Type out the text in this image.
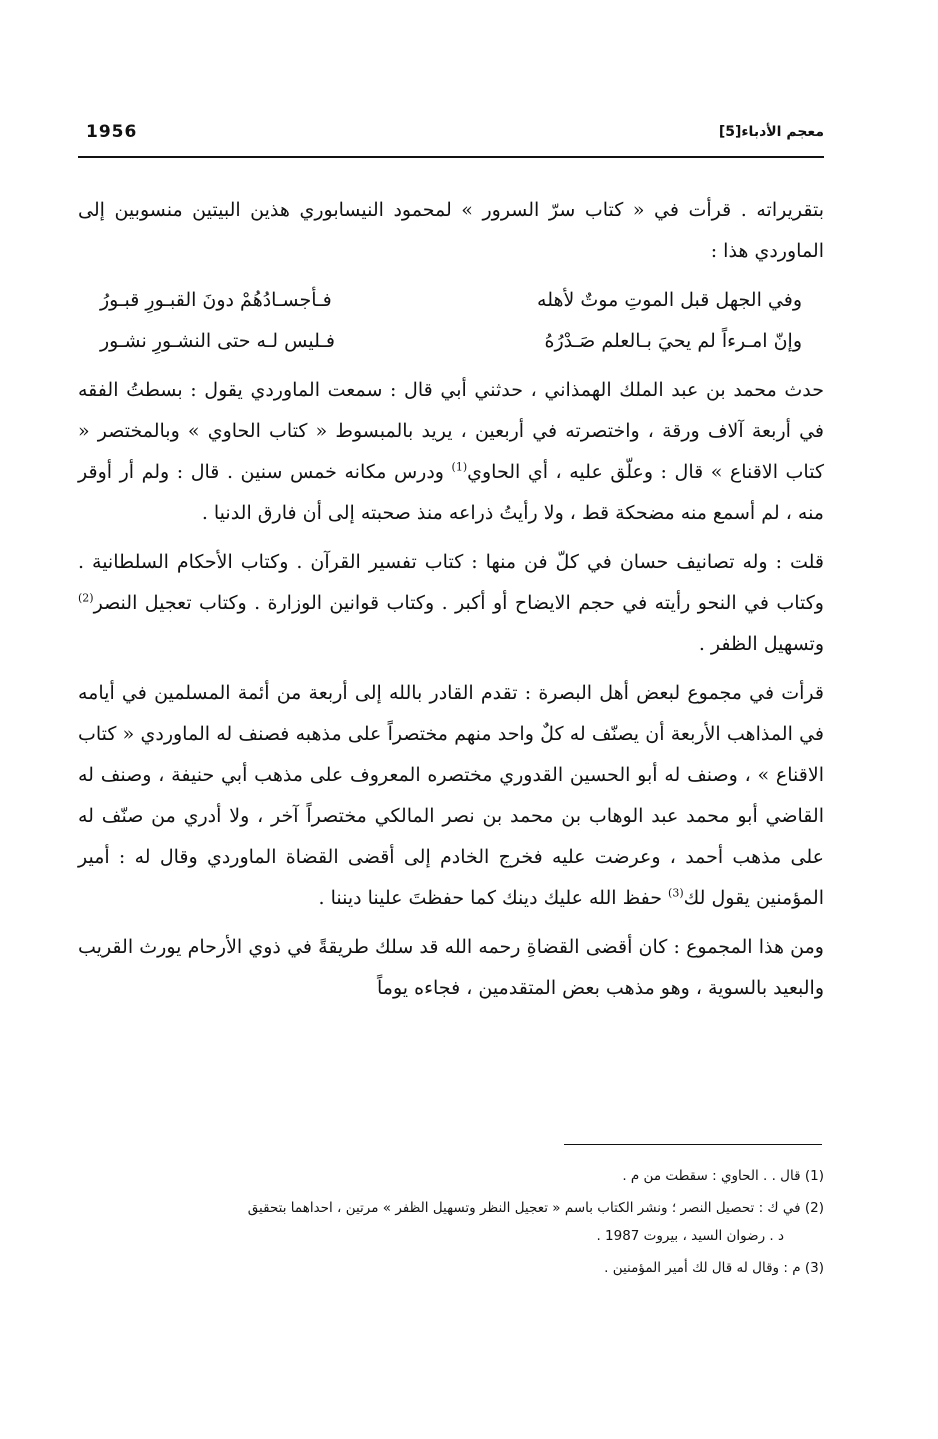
1956	معجم الأدباء[5]

بتقريراته . قرأت في « كتاب سرّ السرور » لمحمود النيسابوري هذين البيتين منسوبين إلى الماوردي هذا :

وفي الجهل قبل الموتِ موتٌ لأهله
فـأجسـادُهُمْ دونَ القبـورِ قبـورُ
وإنّ امـرءاً لم يحيَ بـالعلم صَـدْرُهُ
فـليس لـه حتى النشـورِ نشـور

حدث محمد بن عبد الملك الهمذاني ، حدثني أبي قال : سمعت الماوردي يقول : بسطتُ الفقه في أربعة آلاف ورقة ، واختصرته في أربعين ، يريد بالمبسوط « كتاب الحاوي » وبالمختصر « كتاب الاقناع » قال : وعلّق عليه ، أي الحاوي$^{(1)}$ ودرس مكانه خمس سنين . قال : ولم أر أوقر منه ، لم أسمع منه مضحكة قط ، ولا رأيتُ ذراعه منذ صحبته إلى أن فارق الدنيا .

قلت : وله تصانيف حسان في كلّ فن منها : كتاب تفسير القرآن . وكتاب الأحكام السلطانية . وكتاب في النحو رأيته في حجم الايضاح أو أكبر . وكتاب قوانين الوزارة . وكتاب تعجيل النصر$^{(2)}$ وتسهيل الظفر .

قرأت في مجموع لبعض أهل البصرة : تقدم القادر بالله إلى أربعة من أئمة المسلمين في أيامه في المذاهب الأربعة أن يصنّف له كلٌ واحد منهم مختصراً على مذهبه فصنف له الماوردي « كتاب الاقناع » ، وصنف له أبو الحسين القدوري مختصره المعروف على مذهب أبي حنيفة ، وصنف له القاضي أبو محمد عبد الوهاب بن محمد بن نصر المالكي مختصراً آخر ، ولا أدري من صنّف له على مذهب أحمد ، وعرضت عليه فخرج الخادم إلى أقضى القضاة الماوردي وقال له : أمير المؤمنين يقول لك$^{(3)}$ حفظ الله عليك دينك كما حفظتَ علينا ديننا .

ومن هذا المجموع : كان أقضى القضاةِ رحمه الله قد سلك طريقةً في ذوي الأرحام يورث القريب والبعيد بالسوية ، وهو مذهب بعض المتقدمين ، فجاءه يوماً

(1) قال . . الحاوي : سقطت من م .

(2) في ك : تحصيل النصر ؛ ونشر الكتاب باسم « تعجيل النظر وتسهيل الظفر » مرتين ، احداهما بتحقيق

د . رضوان السيد ، بيروت 1987 .

(3) م : وقال له قال لك أمير المؤمنين .
